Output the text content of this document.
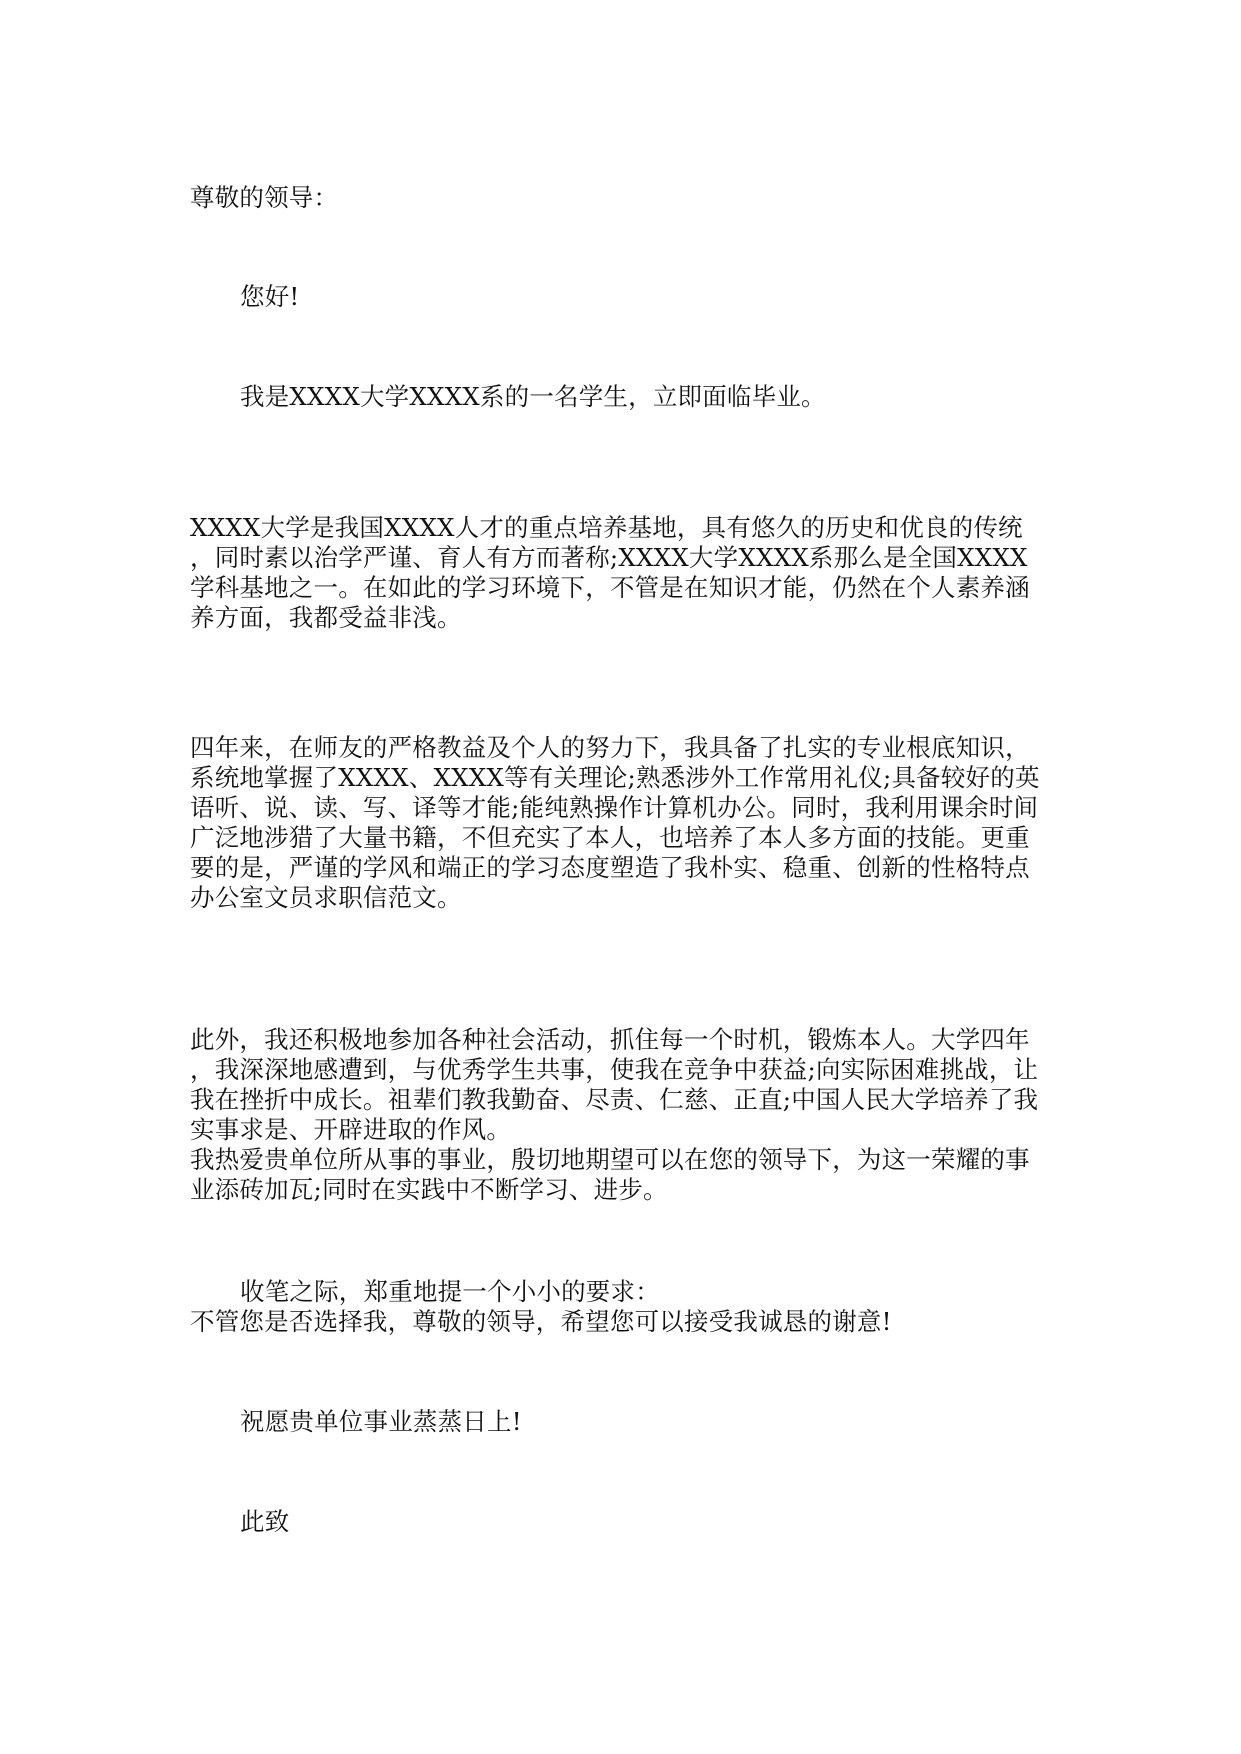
尊敬的领导：
您好!
我是XXXX大学XXXX系的一名学生，立即面临毕业。
XXXX大学是我国XXXX人才的重点培养基地，具有悠久的历史和优良的传统
，同时素以治学严谨、育人有方而著称;XXXX大学XXXX系那么是全国XXXX
学科基地之一。在如此的学习环境下，不管是在知识才能，仍然在个人素养涵
养方面，我都受益非浅。
四年来，在师友的严格教益及个人的努力下，我具备了扎实的专业根底知识，
系统地掌握了XXXX、XXXX等有关理论;熟悉涉外工作常用礼仪;具备较好的英
语听、说、读、写、译等才能;能纯熟操作计算机办公。同时，我利用课余时间
广泛地涉猎了大量书籍，不但充实了本人，也培养了本人多方面的技能。更重
要的是，严谨的学风和端正的学习态度塑造了我朴实、稳重、创新的性格特点
办公室文员求职信范文。
此外，我还积极地参加各种社会活动，抓住每一个时机，锻炼本人。大学四年
，我深深地感遭到，与优秀学生共事，使我在竞争中获益;向实际困难挑战，让
我在挫折中成长。祖辈们教我勤奋、尽责、仁慈、正直;中国人民大学培养了我
实事求是、开辟进取的作风。
我热爱贵单位所从事的事业，殷切地期望可以在您的领导下，为这一荣耀的事
业添砖加瓦;同时在实践中不断学习、进步。
收笔之际，郑重地提一个小小的要求：
不管您是否选择我，尊敬的领导，希望您可以接受我诚恳的谢意!
祝愿贵单位事业蒸蒸日上!
此致
